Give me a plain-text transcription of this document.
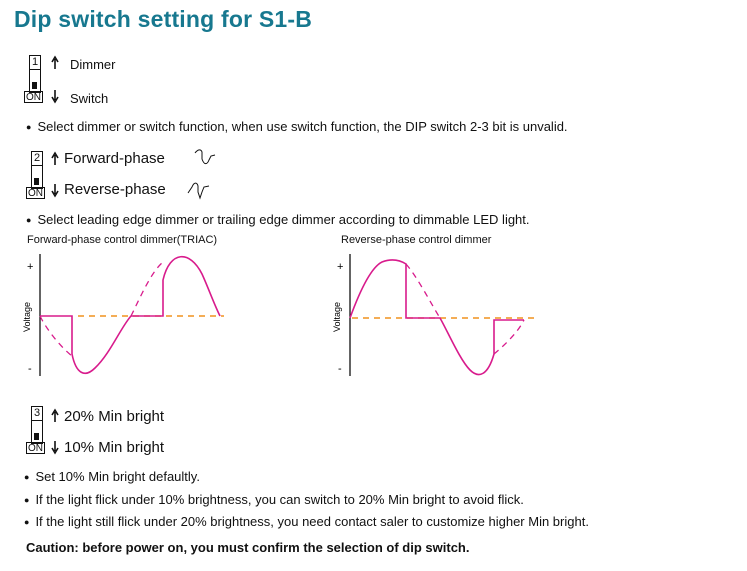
Dip switch setting for S1-B
1
ON
Dimmer
Switch
● Select dimmer or switch function, when use switch function, the DIP switch 2-3 bit is unvalid.
2
ON
Forward-phase
Reverse-phase
● Select leading edge dimmer or trailing edge dimmer according to dimmable LED light.
Forward-phase control dimmer(TRIAC)
+
-
Voltage
Reverse-phase control dimmer
+
-
Voltage
3
ON
20% Min bright
10% Min bright
● Set 10% Min bright defaultly.
● If the light flick under 10% brightness, you can switch to 20% Min bright to avoid flick.
● If the light still flick under 20% brightness, you need contact saler to customize higher Min bright.
Caution: before power on, you must confirm the selection of dip switch.
